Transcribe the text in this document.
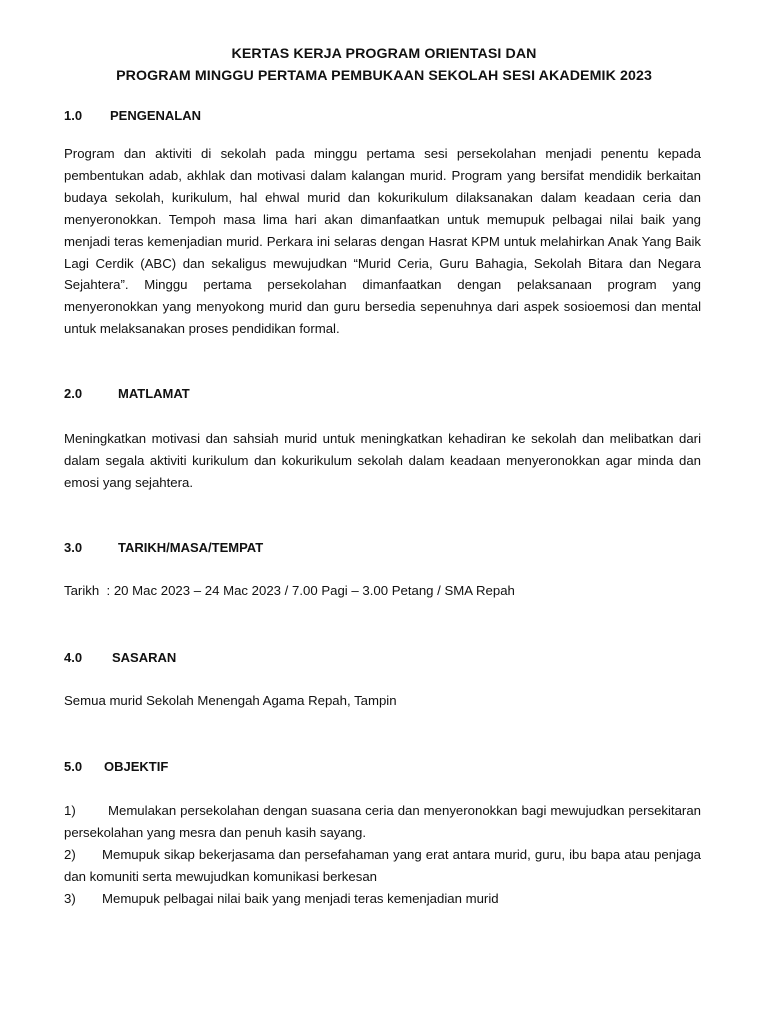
KERTAS KERJA PROGRAM ORIENTASI DAN
PROGRAM MINGGU PERTAMA PEMBUKAAN SEKOLAH SESI AKADEMIK 2023
1.0 PENGENALAN
Program dan aktiviti di sekolah pada minggu pertama sesi persekolahan menjadi penentu kepada pembentukan adab, akhlak dan motivasi dalam kalangan murid. Program yang bersifat mendidik berkaitan budaya sekolah, kurikulum, hal ehwal murid dan kokurikulum dilaksanakan dalam keadaan ceria dan menyeronokkan. Tempoh masa lima hari akan dimanfaatkan untuk memupuk pelbagai nilai baik yang menjadi teras kemenjadian murid. Perkara ini selaras dengan Hasrat KPM untuk melahirkan Anak Yang Baik Lagi Cerdik (ABC) dan sekaligus mewujudkan “Murid Ceria, Guru Bahagia, Sekolah Bitara dan Negara Sejahtera”. Minggu pertama persekolahan dimanfaatkan dengan pelaksanaan program yang menyeronokkan yang menyokong murid dan guru bersedia sepenuhnya dari aspek sosioemosi dan mental untuk melaksanakan proses pendidikan formal.
2.0	MATLAMAT
Meningkatkan motivasi dan sahsiah murid untuk meningkatkan kehadiran ke sekolah dan melibatkan dari dalam segala aktiviti kurikulum dan kokurikulum sekolah dalam keadaan menyeronokkan agar minda dan emosi yang sejahtera.
3.0	TARIKH/MASA/TEMPAT
Tarikh : 20 Mac 2023 – 24 Mac 2023 / 7.00 Pagi – 3.00 Petang / SMA Repah
4.0 SASARAN
Semua murid Sekolah Menengah Agama Repah, Tampin
5.0 OBJEKTIF
1) Memulakan persekolahan dengan suasana ceria dan menyeronokkan bagi mewujudkan persekitaran persekolahan yang mesra dan penuh kasih sayang.
2) Memupuk sikap bekerjasama dan persefahaman yang erat antara murid, guru, ibu bapa atau penjaga dan komuniti serta mewujudkan komunikasi berkesan
3) Memupuk pelbagai nilai baik yang menjadi teras kemenjadian murid
